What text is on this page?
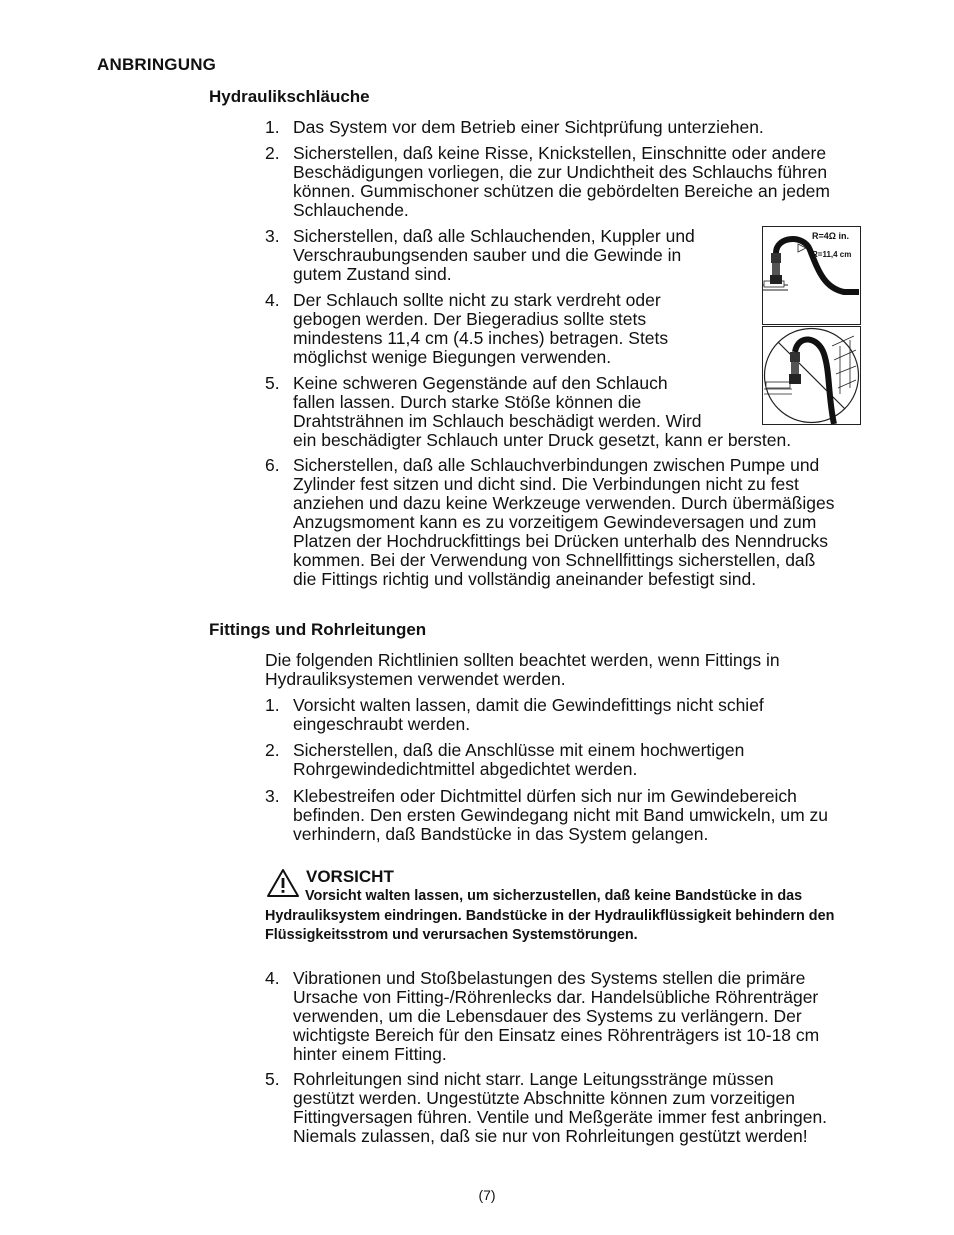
ANBRINGUNG
Hydraulikschläuche
1. Das System vor dem Betrieb einer Sichtprüfung unterziehen.
2. Sicherstellen, daß keine Risse, Knickstellen, Einschnitte oder andere
Beschädigungen vorliegen, die zur Undichtheit des Schlauchs führen
können. Gummischoner schützen die gebördelten Bereiche an jedem
Schlauchende.
3. Sicherstellen, daß alle Schlauchenden, Kuppler und
Verschraubungsenden sauber und die Gewinde in
gutem Zustand sind.
4. Der Schlauch sollte nicht zu stark verdreht oder
gebogen werden. Der Biegeradius sollte stets
mindestens 11,4 cm (4.5 inches) betragen. Stets
möglichst wenige Biegungen verwenden.
5. Keine schweren Gegenstände auf den Schlauch
fallen lassen. Durch starke Stöße können die
Drahtsträhnen im Schlauch beschädigt werden. Wird
ein beschädigter Schlauch unter Druck gesetzt, kann er bersten.
6. Sicherstellen, daß alle Schlauchverbindungen zwischen Pumpe und
Zylinder fest sitzen und dicht sind. Die Verbindungen nicht zu fest
anziehen und dazu keine Werkzeuge verwenden. Durch übermäßiges
Anzugsmoment kann es zu vorzeitigem Gewindeversagen und zum
Platzen der Hochdruckfittings bei Drücken unterhalb des Nenndrucks
kommen. Bei der Verwendung von Schnellfittings sicherstellen, daß
die Fittings richtig und vollständig aneinander befestigt sind.
R=4Ω in.
R=11,4 cm
Fittings und Rohrleitungen
Die folgenden Richtlinien sollten beachtet werden, wenn Fittings in
Hydrauliksystemen verwendet werden.
1. Vorsicht walten lassen, damit die Gewindefittings nicht schief
eingeschraubt werden.
2. Sicherstellen, daß die Anschlüsse mit einem hochwertigen
Rohrgewindedichtmittel abgedichtet werden.
3. Klebestreifen oder Dichtmittel dürfen sich nur im Gewindebereich
befinden. Den ersten Gewindegang nicht mit Band umwickeln, um zu
verhindern, daß Bandstücke in das System gelangen.
VORSICHT
Vorsicht walten lassen, um sicherzustellen, daß keine Bandstücke in das
Hydrauliksystem eindringen. Bandstücke in der Hydraulikflüssigkeit behindern den
Flüssigkeitsstrom und verursachen Systemstörungen.
4. Vibrationen und Stoßbelastungen des Systems stellen die primäre
Ursache von Fitting-/Röhrenlecks dar. Handelsübliche Röhrenträger
verwenden, um die Lebensdauer des Systems zu verlängern. Der
wichtigste Bereich für den Einsatz eines Röhrenträgers ist 10-18 cm
hinter einem Fitting.
5. Rohrleitungen sind nicht starr. Lange Leitungsstränge müssen
gestützt werden. Ungestützte Abschnitte können zum vorzeitigen
Fittingversagen führen. Ventile und Meßgeräte immer fest anbringen.
Niemals zulassen, daß sie nur von Rohrleitungen gestützt werden!
(7)
